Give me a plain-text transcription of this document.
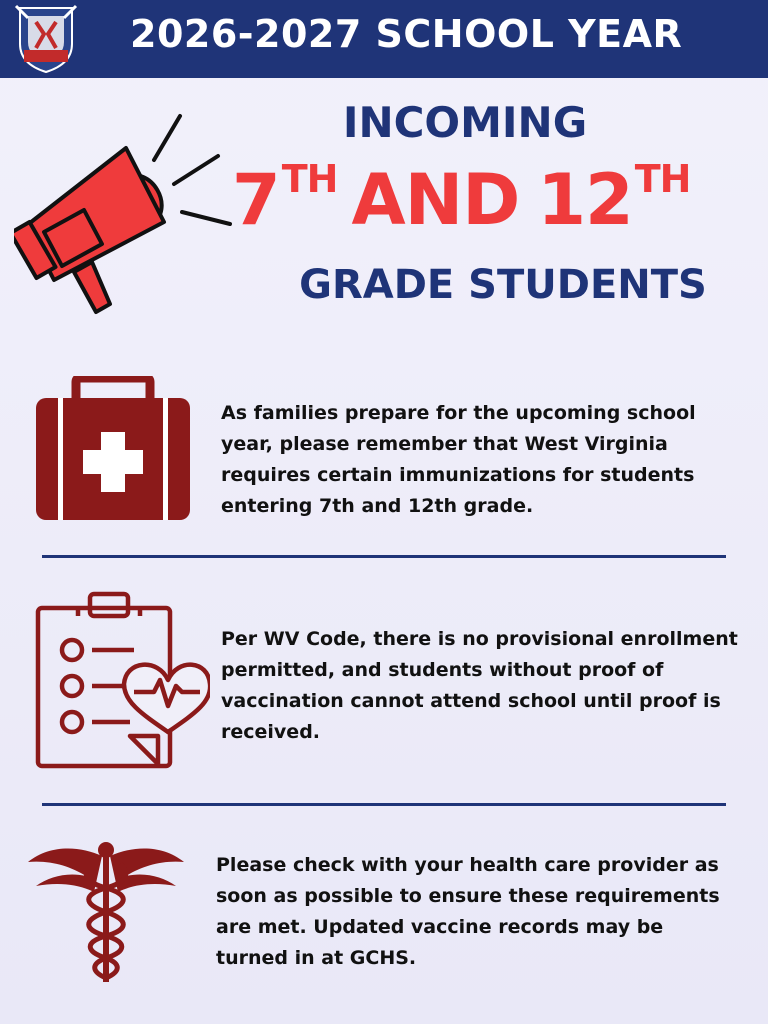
2026-2027 SCHOOL YEAR
INCOMING
7TH AND 12TH
GRADE STUDENTS
As families prepare for the upcoming school year, please remember that West Virginia requires certain immunizations for students entering 7th and 12th grade.
Per WV Code, there is no provisional enrollment permitted, and students without proof of vaccination cannot attend school until proof is received.
Please check with your health care provider as soon as possible to ensure these requirements are met. Updated vaccine records may be turned in at GCHS.
